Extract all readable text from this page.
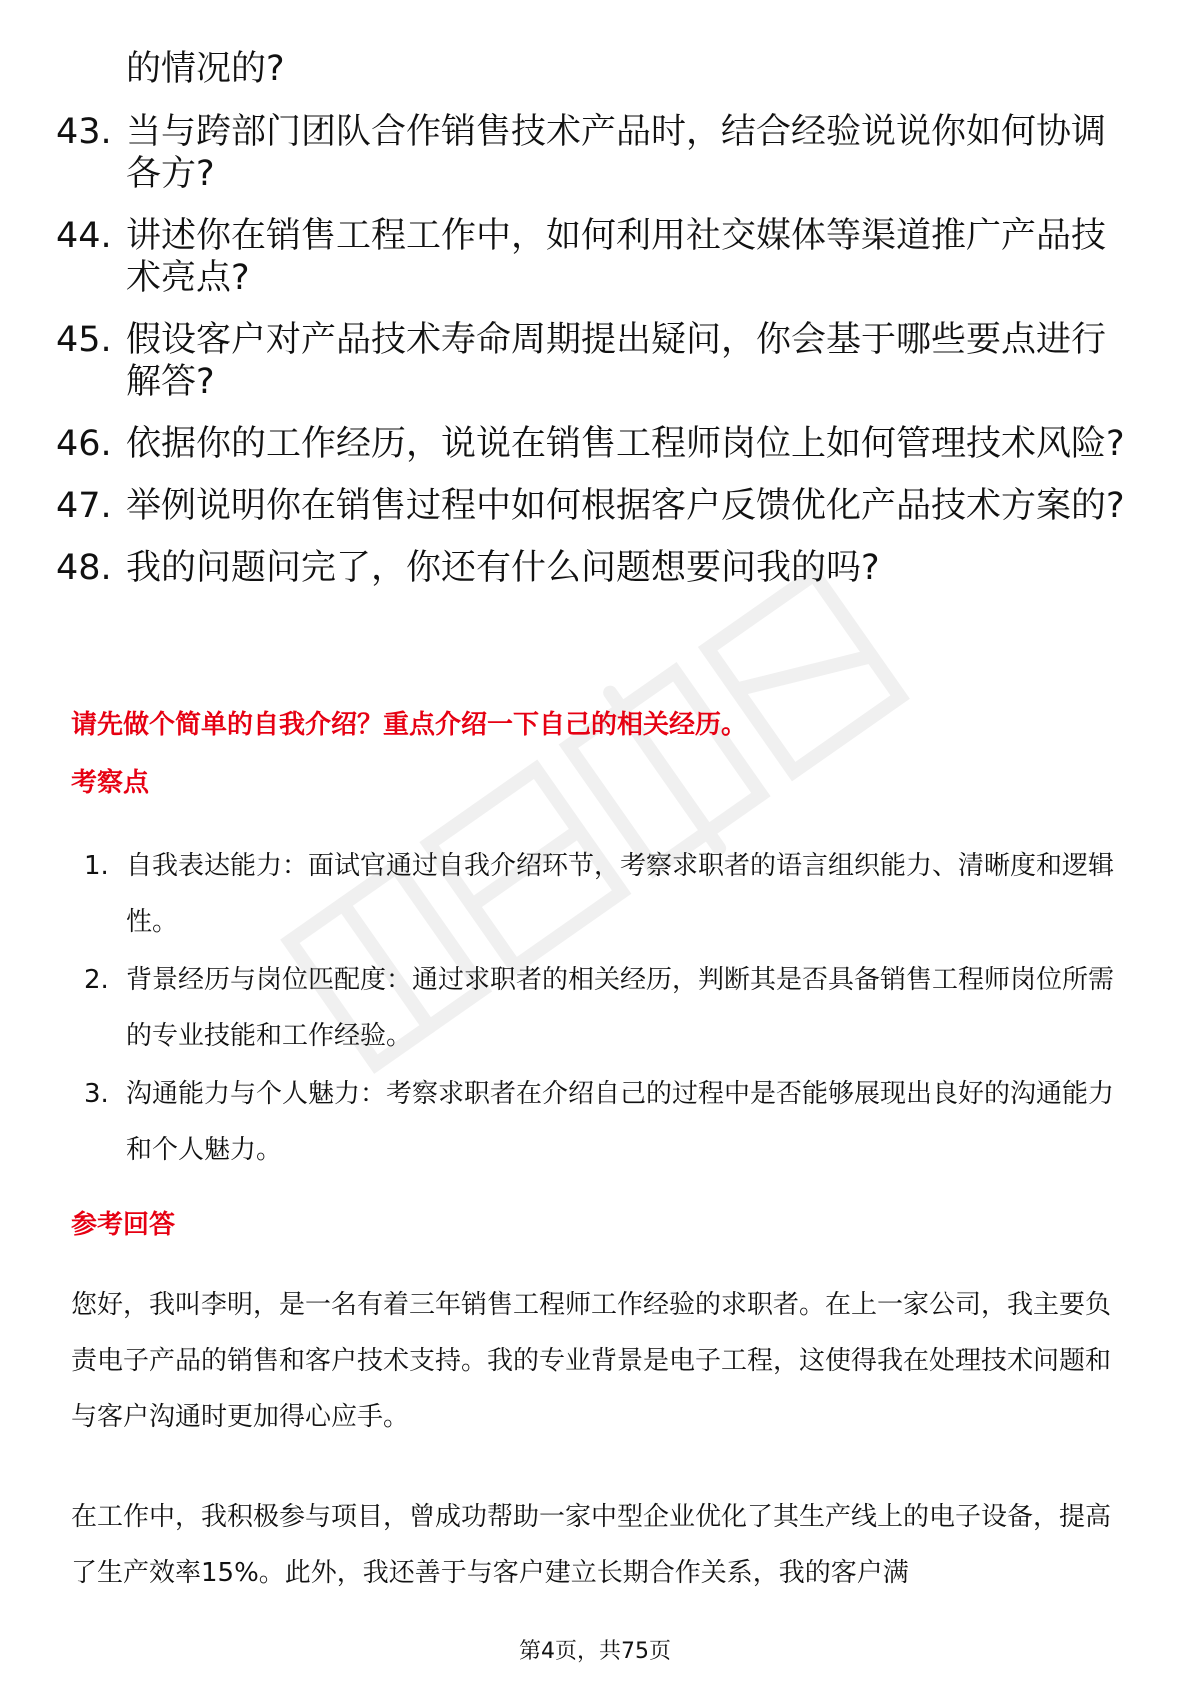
的情况的?
43. 当与跨部门团队合作销售技术产品时，结合经验说说你如何协调各方?
44. 讲述你在销售工程工作中，如何利用社交媒体等渠道推广产品技术亮点?
45. 假设客户对产品技术寿命周期提出疑问，你会基于哪些要点进行解答?
46. 依据你的工作经历，说说在销售工程师岗位上如何管理技术风险?
47. 举例说明你在销售过程中如何根据客户反馈优化产品技术方案的?
48. 我的问题问完了，你还有什么问题想要问我的吗?
请先做个简单的自我介绍？重点介绍一下自己的相关经历。
考察点
1. 自我表达能力：面试官通过自我介绍环节，考察求职者的语言组织能力、清晰度和逻辑性。
2. 背景经历与岗位匹配度：通过求职者的相关经历，判断其是否具备销售工程师岗位所需的专业技能和工作经验。
3. 沟通能力与个人魅力：考察求职者在介绍自己的过程中是否能够展现出良好的沟通能力和个人魅力。
参考回答

您好，我叫李明，是一名有着三年销售工程师工作经验的求职者。在上一家公司，我主要负责电子产品的销售和客户技术支持。我的专业背景是电子工程，这使得我在处理技术问题和与客户沟通时更加得心应手。

在工作中，我积极参与项目，曾成功帮助一家中型企业优化了其生产线上的电子设备，提高了生产效率15%。此外，我还善于与客户建立长期合作关系，我的客户满

第4页，共75页
